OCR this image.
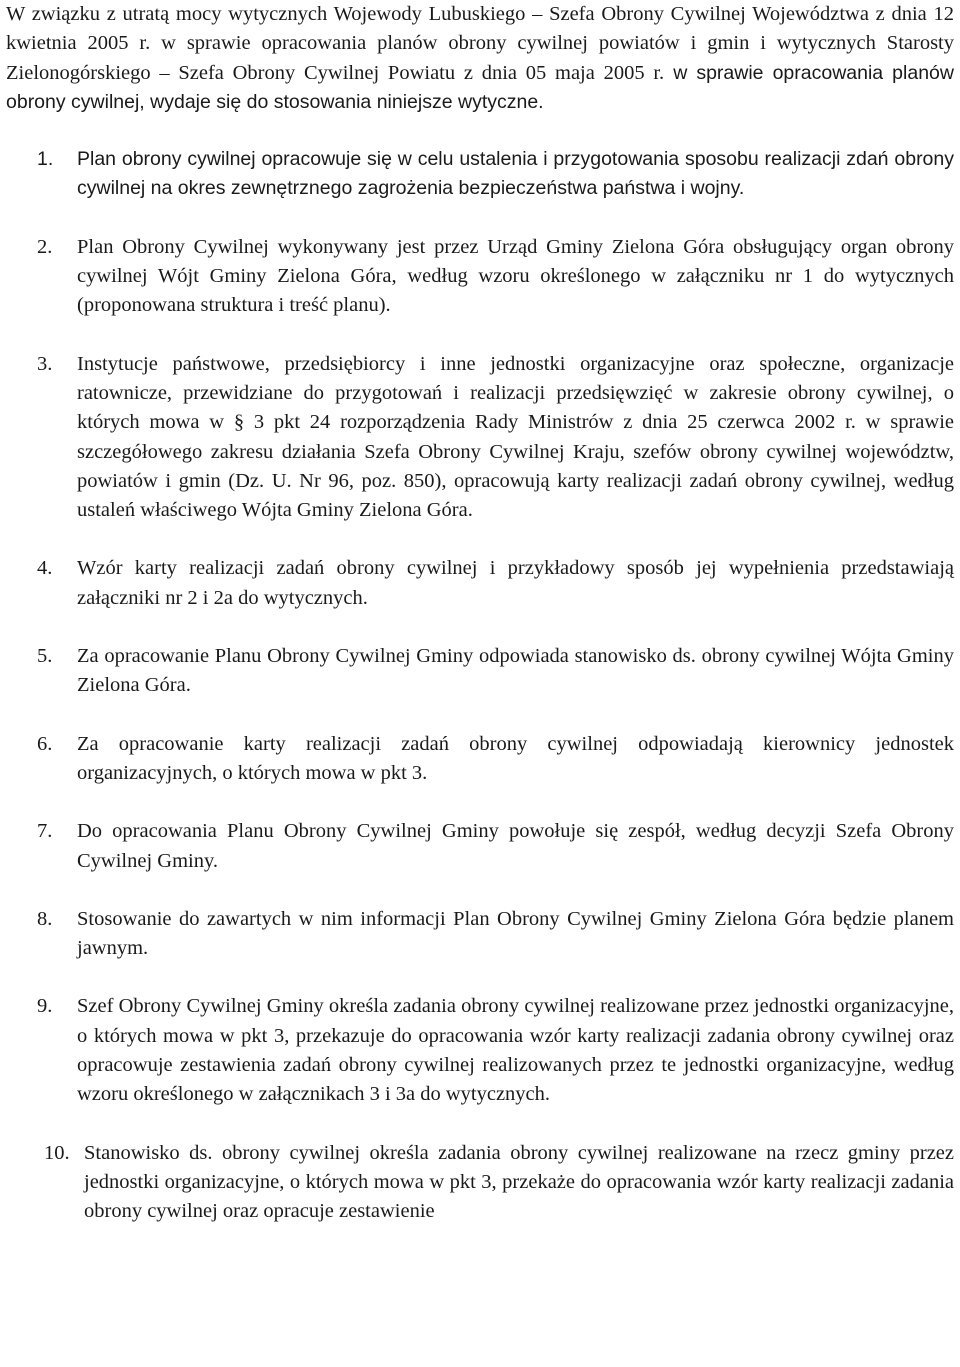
W związku z utratą mocy wytycznych Wojewody Lubuskiego – Szefa Obrony Cywilnej Województwa z dnia 12 kwietnia 2005 r. w sprawie opracowania planów obrony cywilnej powiatów i gmin i wytycznych Starosty Zielonogórskiego – Szefa Obrony Cywilnej Powiatu z dnia 05 maja 2005 r. w sprawie opracowania planów obrony cywilnej, wydaje się do stosowania niniejsze wytyczne.

1.	Plan obrony cywilnej opracowuje się w celu ustalenia i przygotowania sposobu realizacji zdań obrony cywilnej na okres zewnętrznego zagrożenia bezpieczeństwa państwa i wojny.
2.	Plan Obrony Cywilnej wykonywany jest przez Urząd Gminy Zielona Góra obsługujący organ obrony cywilnej Wójt Gminy Zielona Góra, według wzoru określonego w załączniku nr 1 do wytycznych (proponowana struktura i treść planu).
3.	Instytucje państwowe, przedsiębiorcy i inne jednostki organizacyjne oraz społeczne, organizacje ratownicze, przewidziane do przygotowań i realizacji przedsięwzięć w zakresie obrony cywilnej, o których mowa w § 3 pkt 24 rozporządzenia Rady Ministrów z dnia 25 czerwca 2002 r. w sprawie szczegółowego zakresu działania Szefa Obrony Cywilnej Kraju, szefów obrony cywilnej województw, powiatów i gmin (Dz. U. Nr 96, poz. 850), opracowują karty realizacji zadań obrony cywilnej, według ustaleń właściwego Wójta Gminy Zielona Góra.
4.	Wzór karty realizacji zadań obrony cywilnej i przykładowy sposób jej wypełnienia przedstawiają załączniki nr 2 i 2a do wytycznych.
5.	Za opracowanie Planu Obrony Cywilnej Gminy odpowiada stanowisko ds. obrony cywilnej Wójta Gminy Zielona Góra.
6.	Za opracowanie karty realizacji zadań obrony cywilnej odpowiadają kierownicy jednostek organizacyjnych, o których mowa w pkt 3.
7.	Do opracowania Planu Obrony Cywilnej Gminy powołuje się zespół, według decyzji Szefa Obrony Cywilnej Gminy.
8.	Stosowanie do zawartych w nim informacji Plan Obrony Cywilnej Gminy Zielona Góra będzie planem jawnym.
9.	Szef Obrony Cywilnej Gminy określa zadania obrony cywilnej realizowane przez jednostki organizacyjne, o których mowa w pkt 3, przekazuje do opracowania wzór karty realizacji zadania obrony cywilnej oraz opracowuje zestawienia zadań obrony cywilnej realizowanych przez te jednostki organizacyjne, według wzoru określonego w załącznikach 3 i 3a do wytycznych.
10. Stanowisko ds. obrony cywilnej określa zadania obrony cywilnej realizowane na rzecz gminy przez jednostki organizacyjne, o których mowa w pkt 3, przekaże do opracowania wzór karty realizacji zadania obrony cywilnej oraz opracuje zestawienie
